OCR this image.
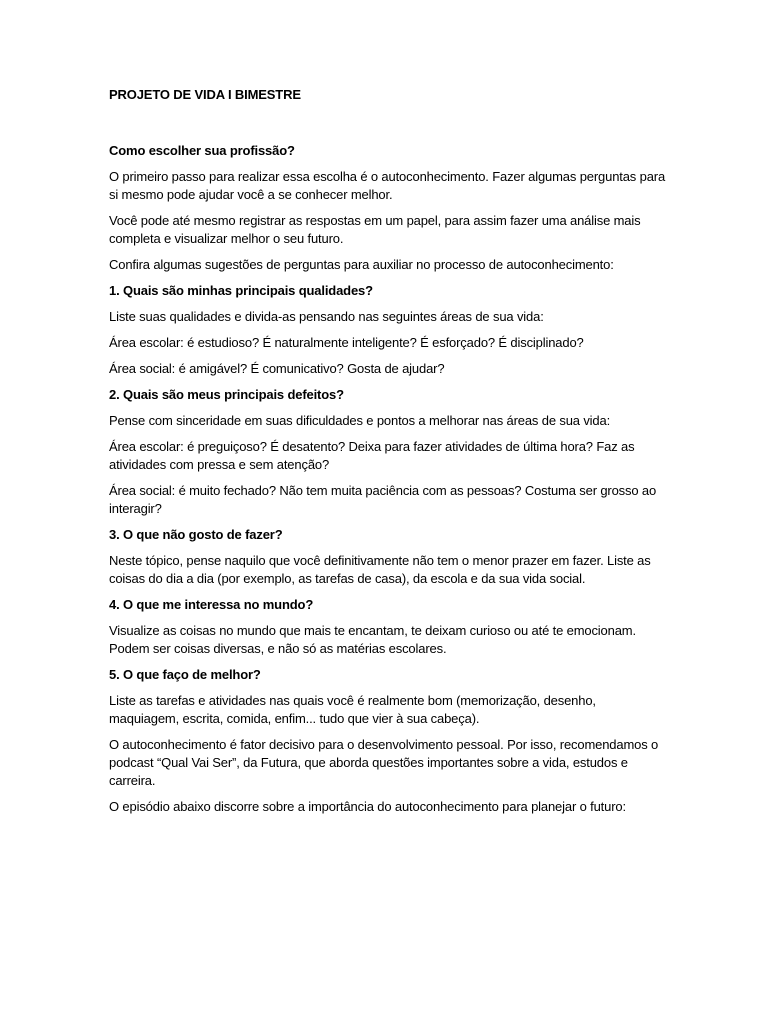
PROJETO DE VIDA I BIMESTRE
Como escolher sua profissão?
O primeiro passo para realizar essa escolha é o autoconhecimento. Fazer algumas perguntas para si mesmo pode ajudar você a se conhecer melhor.
Você pode até mesmo registrar as respostas em um papel, para assim fazer uma análise mais completa e visualizar melhor o seu futuro.
Confira algumas sugestões de perguntas para auxiliar no processo de autoconhecimento:
1. Quais são minhas principais qualidades?
Liste suas qualidades e divida-as pensando nas seguintes áreas de sua vida:
Área escolar: é estudioso? É naturalmente inteligente? É esforçado? É disciplinado?
Área social: é amigável? É comunicativo? Gosta de ajudar?
2. Quais são meus principais defeitos?
Pense com sinceridade em suas dificuldades e pontos a melhorar nas áreas de sua vida:
Área escolar: é preguiçoso? É desatento? Deixa para fazer atividades de última hora? Faz as atividades com pressa e sem atenção?
Área social: é muito fechado? Não tem muita paciência com as pessoas? Costuma ser grosso ao interagir?
3. O que não gosto de fazer?
Neste tópico, pense naquilo que você definitivamente não tem o menor prazer em fazer. Liste as coisas do dia a dia (por exemplo, as tarefas de casa), da escola e da sua vida social.
4. O que me interessa no mundo?
Visualize as coisas no mundo que mais te encantam, te deixam curioso ou até te emocionam. Podem ser coisas diversas, e não só as matérias escolares.
5. O que faço de melhor?
Liste as tarefas e atividades nas quais você é realmente bom (memorização, desenho, maquiagem, escrita, comida, enfim... tudo que vier à sua cabeça).
O autoconhecimento é fator decisivo para o desenvolvimento pessoal. Por isso, recomendamos o podcast “Qual Vai Ser”, da Futura, que aborda questões importantes sobre a vida, estudos e carreira.
O episódio abaixo discorre sobre a importância do autoconhecimento para planejar o futuro:
